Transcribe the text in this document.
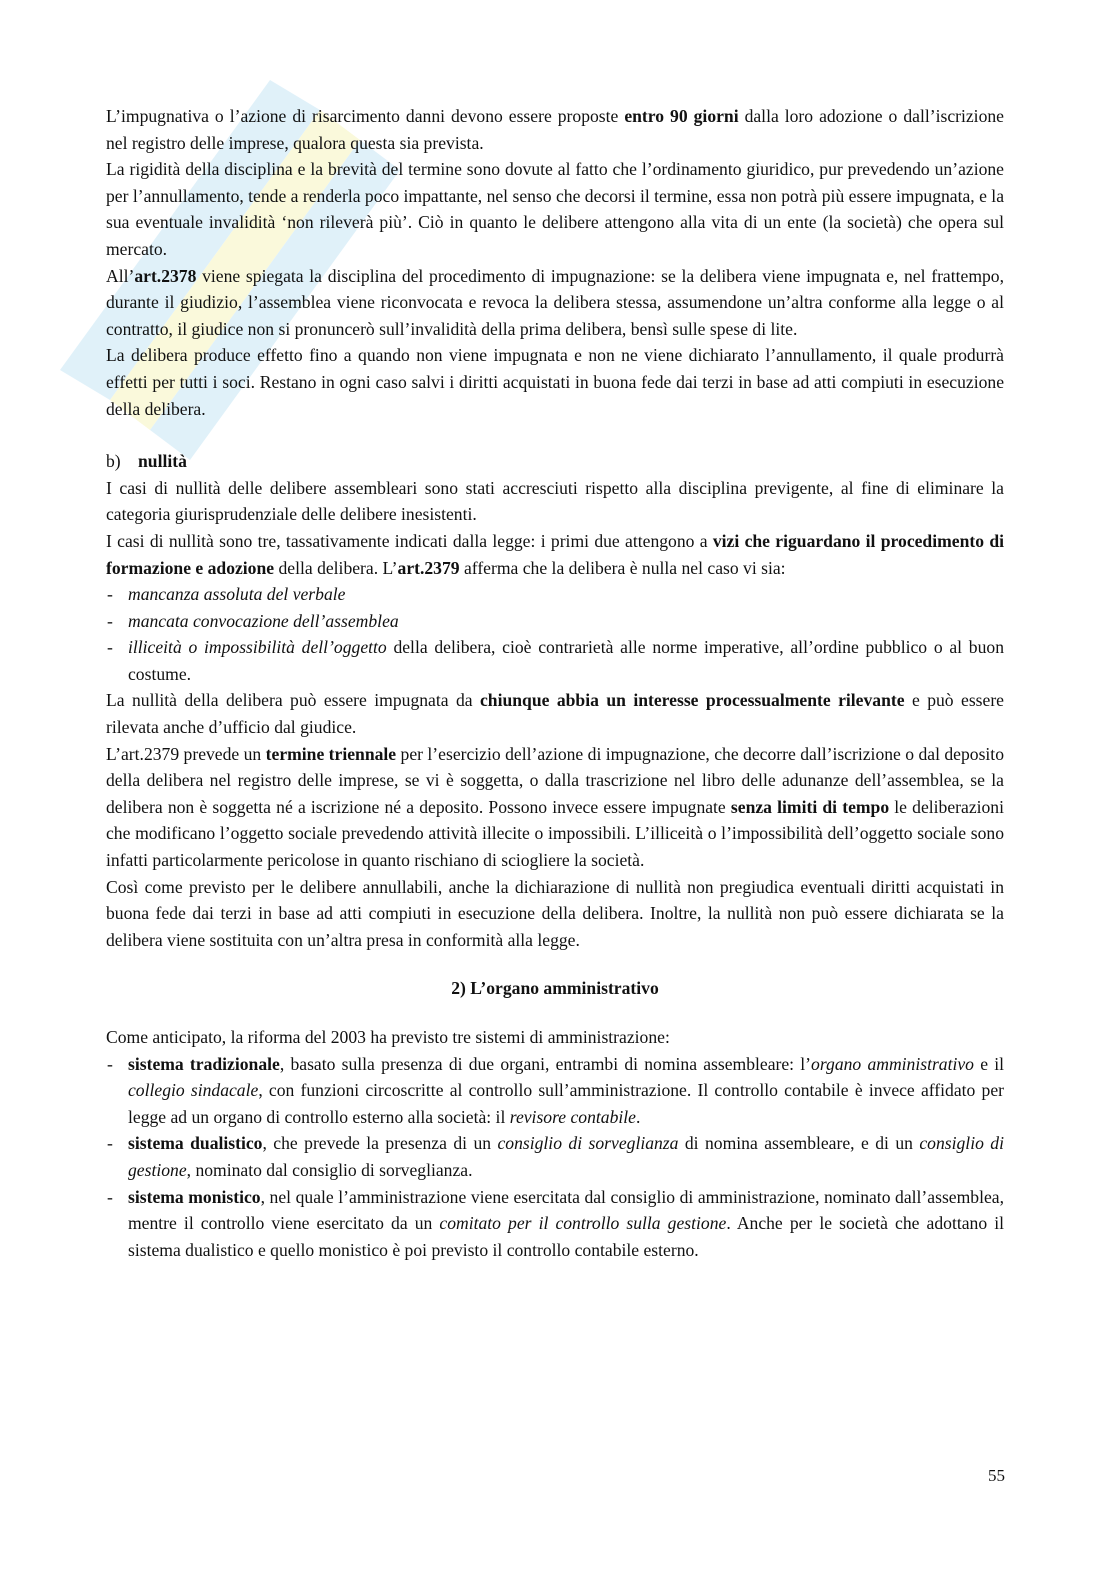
L’impugnativa o l’azione di risarcimento danni devono essere proposte entro 90 giorni dalla loro adozione o dall’iscrizione nel registro delle imprese, qualora questa sia prevista.

La rigidità della disciplina e la brevità del termine sono dovute al fatto che l’ordinamento giuridico, pur prevedendo un’azione per l’annullamento, tende a renderla poco impattante, nel senso che decorsi il termine, essa non potrà più essere impugnata, e la sua eventuale invalidità ‘non rileverà più’. Ciò in quanto le delibere attengono alla vita di un ente (la società) che opera sul mercato.

All’art.2378 viene spiegata la disciplina del procedimento di impugnazione: se la delibera viene impugnata e, nel frattempo, durante il giudizio, l’assemblea viene riconvocata e revoca la delibera stessa, assumendone un’altra conforme alla legge o al contratto, il giudice non si pronuncerò sull’invalidità della prima delibera, bensì sulle spese di lite.

La delibera produce effetto fino a quando non viene impugnata e non ne viene dichiarato l’annullamento, il quale produrrà effetti per tutti i soci. Restano in ogni caso salvi i diritti acquistati in buona fede dai terzi in base ad atti compiuti in esecuzione della delibera.

b) nullità

I casi di nullità delle delibere assembleari sono stati accresciuti rispetto alla disciplina previgente, al fine di eliminare la categoria giurisprudenziale delle delibere inesistenti.

I casi di nullità sono tre, tassativamente indicati dalla legge: i primi due attengono a vizi che riguardano il procedimento di formazione e adozione della delibera. L’art.2379 afferma che la delibera è nulla nel caso vi sia:

- mancanza assoluta del verbale
- mancata convocazione dell’assemblea
- illiceità o impossibilità dell’oggetto della delibera, cioè contrarietà alle norme imperative, all’ordine pubblico o al buon costume.

La nullità della delibera può essere impugnata da chiunque abbia un interesse processualmente rilevante e può essere rilevata anche d’ufficio dal giudice.

L’art.2379 prevede un termine triennale per l’esercizio dell’azione di impugnazione, che decorre dall’iscrizione o dal deposito della delibera nel registro delle imprese, se vi è soggetta, o dalla trascrizione nel libro delle adunanze dell’assemblea, se la delibera non è soggetta né a iscrizione né a deposito. Possono invece essere impugnate senza limiti di tempo le deliberazioni che modificano l’oggetto sociale prevedendo attività illecite o impossibili. L’illiceità o l’impossibilità dell’oggetto sociale sono infatti particolarmente pericolose in quanto rischiano di sciogliere la società.

Così come previsto per le delibere annullabili, anche la dichiarazione di nullità non pregiudica eventuali diritti acquistati in buona fede dai terzi in base ad atti compiuti in esecuzione della delibera. Inoltre, la nullità non può essere dichiarata se la delibera viene sostituita con un’altra presa in conformità alla legge.

2) L’organo amministrativo

Come anticipato, la riforma del 2003 ha previsto tre sistemi di amministrazione:

- sistema tradizionale, basato sulla presenza di due organi, entrambi di nomina assembleare: l’organo amministrativo e il collegio sindacale, con funzioni circoscritte al controllo sull’amministrazione. Il controllo contabile è invece affidato per legge ad un organo di controllo esterno alla società: il revisore contabile.
- sistema dualistico, che prevede la presenza di un consiglio di sorveglianza di nomina assembleare, e di un consiglio di gestione, nominato dal consiglio di sorveglianza.
- sistema monistico, nel quale l’amministrazione viene esercitata dal consiglio di amministrazione, nominato dall’assemblea, mentre il controllo viene esercitato da un comitato per il controllo sulla gestione. Anche per le società che adottano il sistema dualistico e quello monistico è poi previsto il controllo contabile esterno.
55
